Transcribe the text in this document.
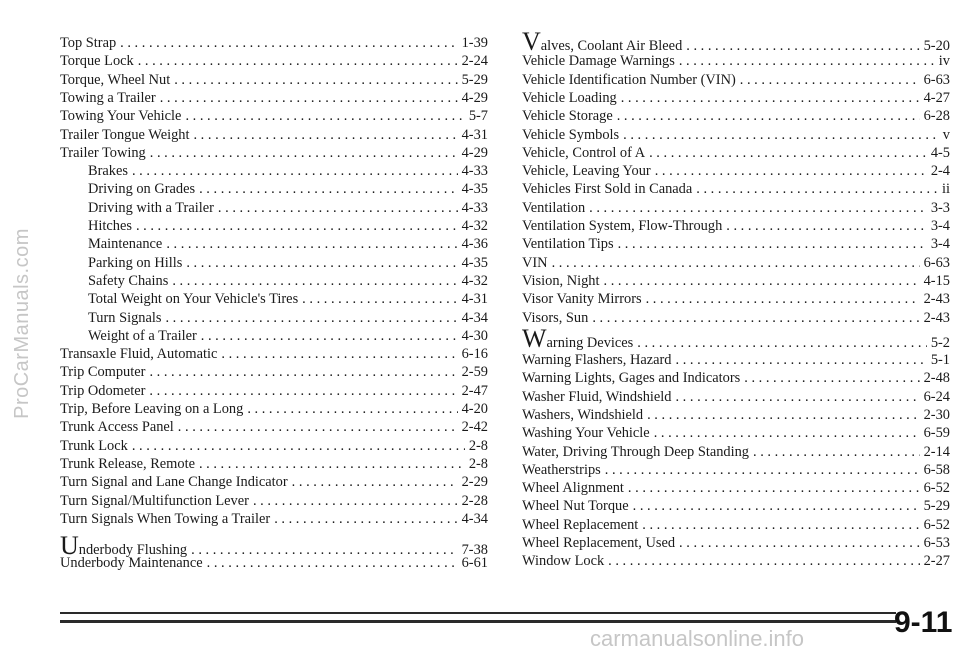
ProCarManuals.com
Top Strap . . .	1-39
Torque Lock . . .	2-24
Torque, Wheel Nut . . .	5-29
Towing a Trailer . . .	4-29
Towing Your Vehicle . . .	5-7
Trailer Tongue Weight . . .	4-31
Trailer Towing . . .	4-29
Brakes . . .	4-33
Driving on Grades . . .	4-35
Driving with a Trailer . . .	4-33
Hitches . . .	4-32
Maintenance . . .	4-36
Parking on Hills . . .	4-35
Safety Chains . . .	4-32
Total Weight on Your Vehicle's Tires . . .	4-31
Turn Signals . . .	4-34
Weight of a Trailer . . .	4-30
Transaxle Fluid, Automatic . . .	6-16
Trip Computer . . .	2-59
Trip Odometer . . .	2-47
Trip, Before Leaving on a Long . . .	4-20
Trunk Access Panel . . .	2-42
Trunk Lock . . .	2-8
Trunk Release, Remote . . .	2-8
Turn Signal and Lane Change Indicator . . .	2-29
Turn Signal/Multifunction Lever . . .	2-28
Turn Signals When Towing a Trailer . . .	4-34
Underbody Flushing . . .	7-38
Underbody Maintenance . . .	6-61
Valves, Coolant Air Bleed . . .	5-20
Vehicle Damage Warnings . . .	iv
Vehicle Identification Number (VIN) . . .	6-63
Vehicle Loading . . .	4-27
Vehicle Storage . . .	6-28
Vehicle Symbols . . .	v
Vehicle, Control of A . . .	4-5
Vehicle, Leaving Your . . .	2-4
Vehicles First Sold in Canada . . .	ii
Ventilation . . .	3-3
Ventilation System, Flow-Through . . .	3-4
Ventilation Tips . . .	3-4
VIN . . .	6-63
Vision, Night . . .	4-15
Visor Vanity Mirrors . . .	2-43
Visors, Sun . . .	2-43
Warning Devices . . .	5-2
Warning Flashers, Hazard . . .	5-1
Warning Lights, Gages and Indicators . . .	2-48
Washer Fluid, Windshield . . .	6-24
Washers, Windshield . . .	2-30
Washing Your Vehicle . . .	6-59
Water, Driving Through Deep Standing . . .	2-14
Weatherstrips . . .	6-58
Wheel Alignment . . .	6-52
Wheel Nut Torque . . .	5-29
Wheel Replacement . . .	6-52
Wheel Replacement, Used . . .	6-53
Window Lock . . .	2-27
9-11
carmanualsonline.info
